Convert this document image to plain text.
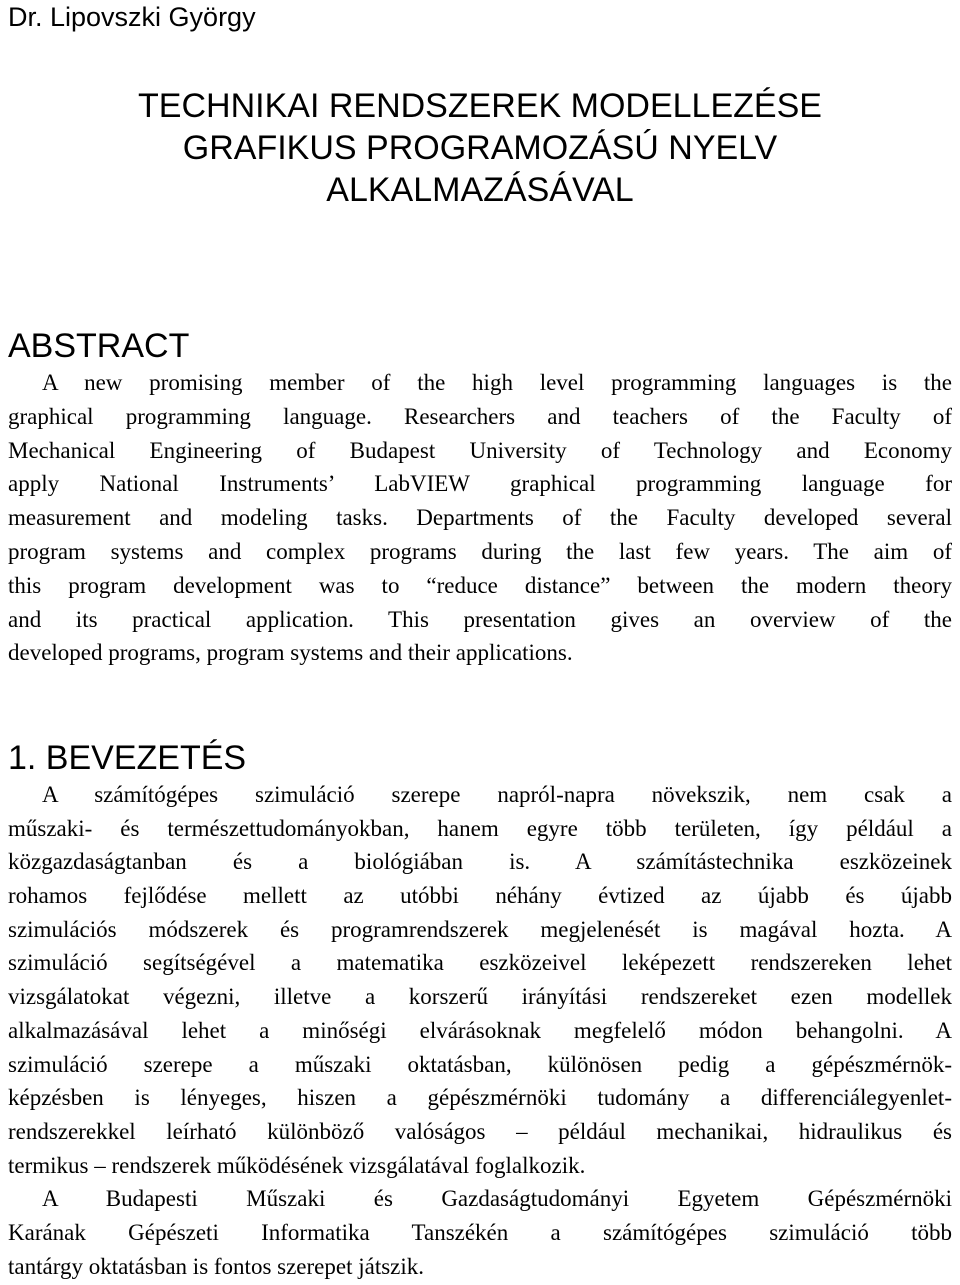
Dr. Lipovszki György
TECHNIKAI RENDSZEREK MODELLEZÉSE
GRAFIKUS PROGRAMOZÁSÚ NYELV
ALKALMAZÁSÁVAL
ABSTRACT
A new promising member of the high level programming languages is the
graphical programming language. Researchers and teachers of the Faculty of
Mechanical Engineering of Budapest University of Technology and Economy
apply National Instruments’ LabVIEW graphical programming language for
measurement and modeling tasks. Departments of the Faculty developed several
program systems and complex programs during the last few years. The aim of
this program development was to “reduce distance” between the modern theory
and its practical application. This presentation gives an overview of the
developed programs, program systems and their applications.
1. BEVEZETÉS
A számítógépes szimuláció szerepe napról-napra növekszik, nem csak a
műszaki- és természettudományokban, hanem egyre több területen, így például a
közgazdaságtanban és a biológiában is. A számítástechnika eszközeinek
rohamos fejlődése mellett az utóbbi néhány évtized az újabb és újabb
szimulációs módszerek és programrendszerek megjelenését is magával hozta. A
szimuláció segítségével a matematika eszközeivel leképezett rendszereken lehet
vizsgálatokat végezni, illetve a korszerű irányítási rendszereket ezen modellek
alkalmazásával lehet a minőségi elvárásoknak megfelelő módon behangolni. A
szimuláció szerepe a műszaki oktatásban, különösen pedig a gépészmérnök-
képzésben is lényeges, hiszen a gépészmérnöki tudomány a differenciálegyenlet-
rendszerekkel leírható különböző valóságos – például mechanikai, hidraulikus és
termikus – rendszerek működésének vizsgálatával foglalkozik.
A Budapesti Műszaki és Gazdaságtudományi Egyetem Gépészmérnöki
Karának Gépészeti Informatika Tanszékén a számítógépes szimuláció több
tantárgy oktatásban is fontos szerepet játszik.
